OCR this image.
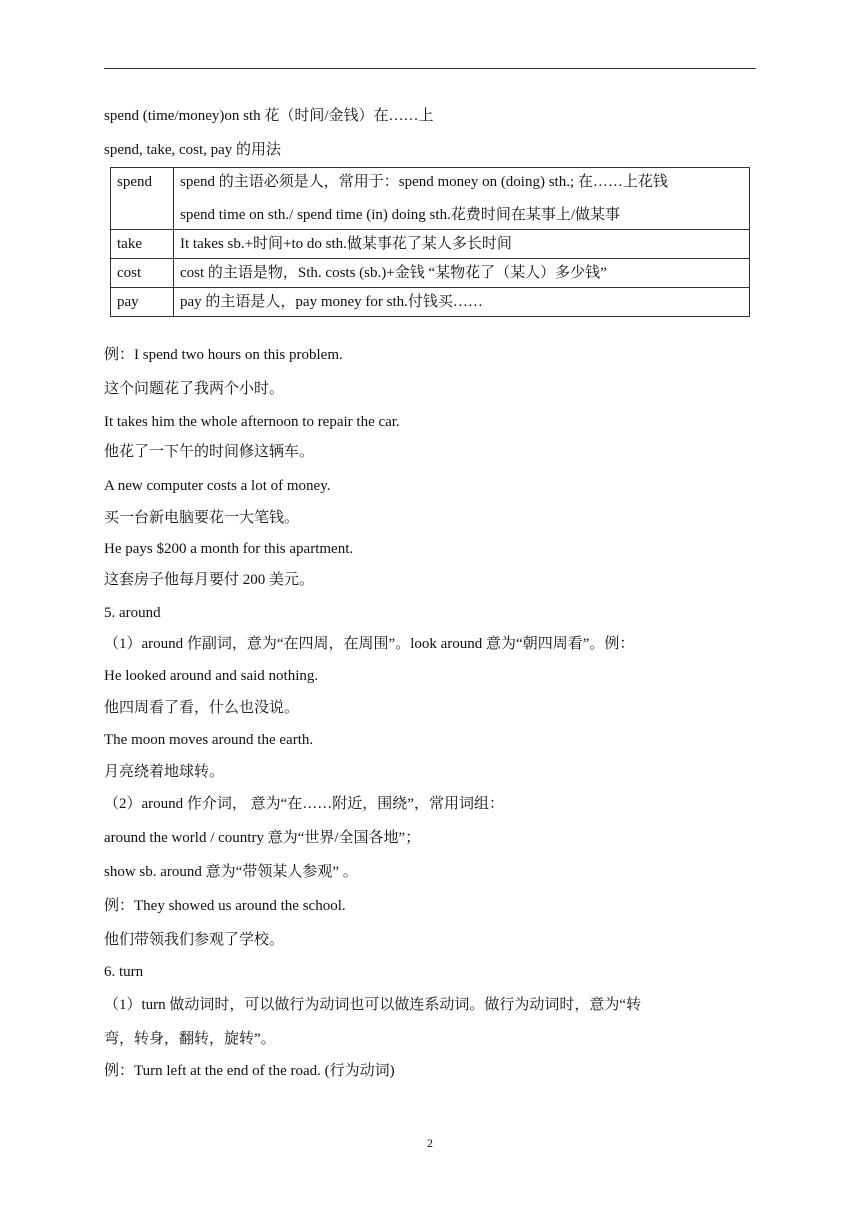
spend (time/money)on sth 花（时间/金钱）在……上
spend, take, cost, pay 的用法
spend	spend 的主语必须是人，常用于：spend money on (doing) sth.; 在……上花钱
spend time on sth./ spend time (in) doing sth.花费时间在某事上/做某事

take	It takes sb.+时间+to do sth.做某事花了某人多长时间
cost	cost 的主语是物，Sth. costs (sb.)+金钱 “某物花了（某人）多少钱”
pay	pay 的主语是人，pay money for sth.付钱买……
例：I spend two hours on this problem.
这个问题花了我两个小时。
It takes him the whole afternoon to repair the car.
他花了一下午的时间修这辆车。
A new computer costs a lot of money.
买一台新电脑要花一大笔钱。
He pays $200 a month for this apartment.
这套房子他每月要付 200 美元。
5. around
（1）around 作副词，意为“在四周，在周围”。look around 意为“朝四周看”。例：
He looked around and said nothing.
他四周看了看，什么也没说。
The moon moves around the earth.
月亮绕着地球转。
（2）around 作介词， 意为“在……附近，围绕”，常用词组：
around the world / country 意为“世界/全国各地”；
show sb. around 意为“带领某人参观” 。
例：They showed us around the school.
他们带领我们参观了学校。
6. turn
（1）turn 做动词时，可以做行为动词也可以做连系动词。做行为动词时，意为“转
弯，转身，翻转，旋转”。
例：Turn left at the end of the road. (行为动词)
2
